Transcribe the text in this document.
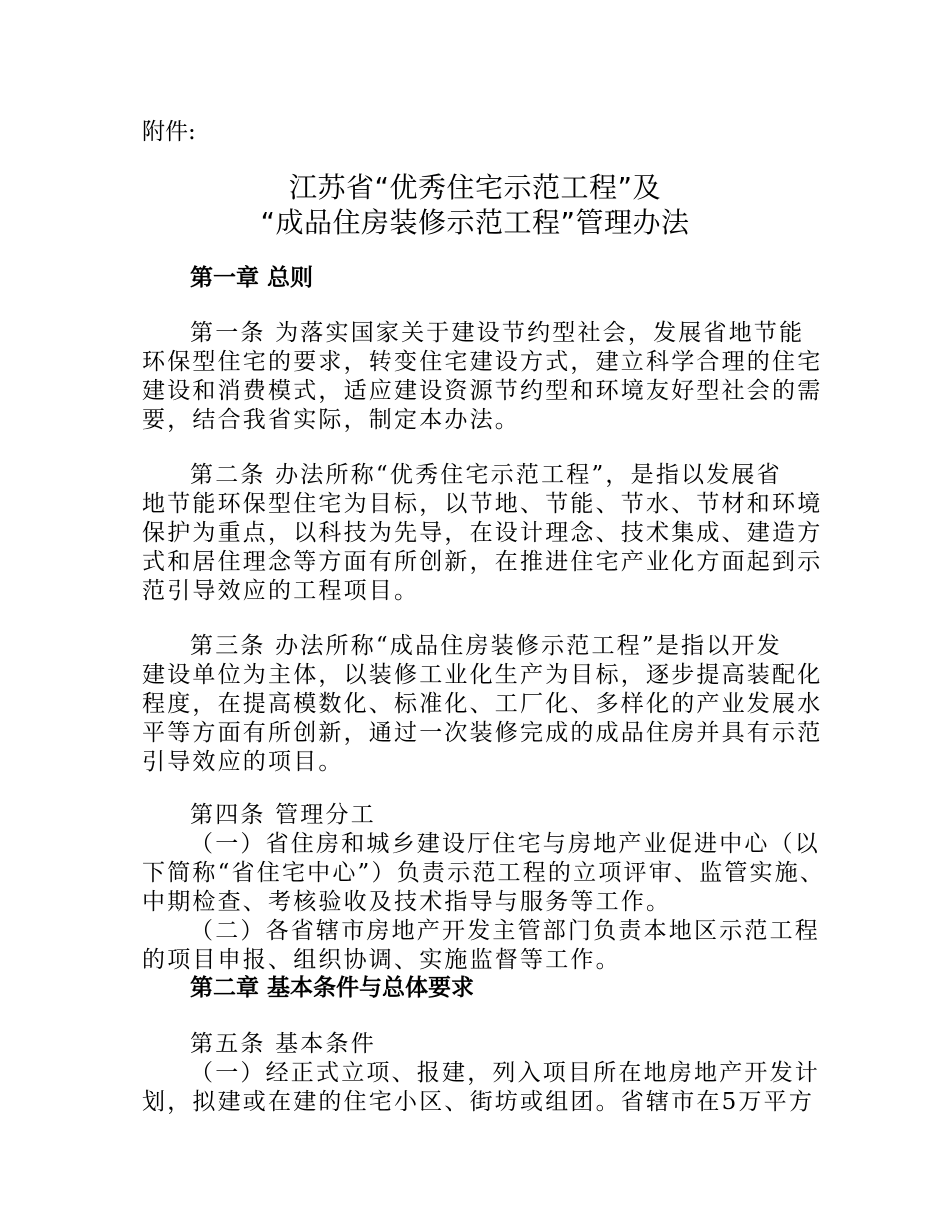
附件:
江苏省“优秀住宅示范工程”及
“成品住房装修示范工程”管理办法
第一章 总则
第一条 为落实国家关于建设节约型社会，发展省地节能
环保型住宅的要求，转变住宅建设方式，建立科学合理的住宅
建设和消费模式，适应建设资源节约型和环境友好型社会的需
要，结合我省实际，制定本办法。
第二条 办法所称“优秀住宅示范工程”，是指以发展省
地节能环保型住宅为目标，以节地、节能、节水、节材和环境
保护为重点，以科技为先导，在设计理念、技术集成、建造方
式和居住理念等方面有所创新，在推进住宅产业化方面起到示
范引导效应的工程项目。
第三条 办法所称“成品住房装修示范工程”是指以开发
建设单位为主体，以装修工业化生产为目标，逐步提高装配化
程度，在提高模数化、标准化、工厂化、多样化的产业发展水
平等方面有所创新，通过一次装修完成的成品住房并具有示范
引导效应的项目。
第四条 管理分工
（一）省住房和城乡建设厅住宅与房地产业促进中心（以
下简称“省住宅中心”）负责示范工程的立项评审、监管实施、
中期检查、考核验收及技术指导与服务等工作。
（二）各省辖市房地产开发主管部门负责本地区示范工程
的项目申报、组织协调、实施监督等工作。
第二章 基本条件与总体要求
第五条 基本条件
（一）经正式立项、报建，列入项目所在地房地产开发计
划，拟建或在建的住宅小区、街坊或组团。省辖市在5万平方
